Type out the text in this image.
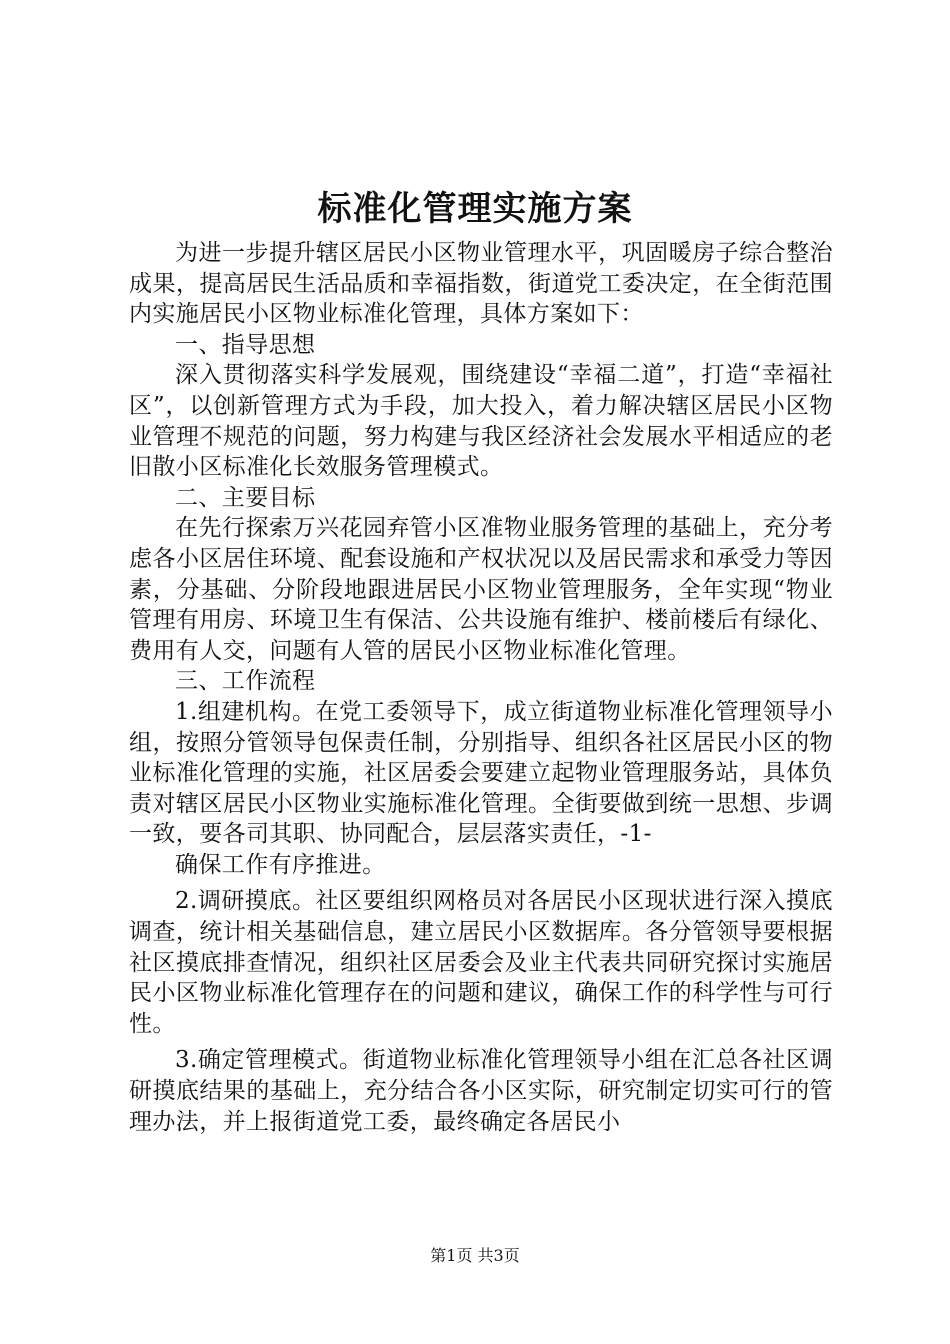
标准化管理实施方案

为进一步提升辖区居民小区物业管理水平，巩固暖房子综合整治成果，提高居民生活品质和幸福指数，街道党工委决定，在全街范围内实施居民小区物业标准化管理，具体方案如下：

一、指导思想

深入贯彻落实科学发展观，围绕建设“幸福二道”，打造“幸福社区”，以创新管理方式为手段，加大投入，着力解决辖区居民小区物业管理不规范的问题，努力构建与我区经济社会发展水平相适应的老旧散小区标准化长效服务管理模式。

二、主要目标

在先行探索万兴花园弃管小区准物业服务管理的基础上，充分考虑各小区居住环境、配套设施和产权状况以及居民需求和承受力等因素，分基础、分阶段地跟进居民小区物业管理服务，全年实现“物业管理有用房、环境卫生有保洁、公共设施有维护、楼前楼后有绿化、费用有人交，问题有人管的居民小区物业标准化管理。

三、工作流程

1.组建机构。在党工委领导下，成立街道物业标准化管理领导小组，按照分管领导包保责任制，分别指导、组织各社区居民小区的物业标准化管理的实施，社区居委会要建立起物业管理服务站，具体负责对辖区居民小区物业实施标准化管理。全街要做到统一思想、步调一致，要各司其职、协同配合，层层落实责任，-1-

确保工作有序推进。

2.调研摸底。社区要组织网格员对各居民小区现状进行深入摸底调查，统计相关基础信息，建立居民小区数据库。各分管领导要根据社区摸底排查情况，组织社区居委会及业主代表共同研究探讨实施居民小区物业标准化管理存在的问题和建议，确保工作的科学性与可行性。

3.确定管理模式。街道物业标准化管理领导小组在汇总各社区调研摸底结果的基础上，充分结合各小区实际，研究制定切实可行的管理办法，并上报街道党工委，最终确定各居民小

第1页 共3页
